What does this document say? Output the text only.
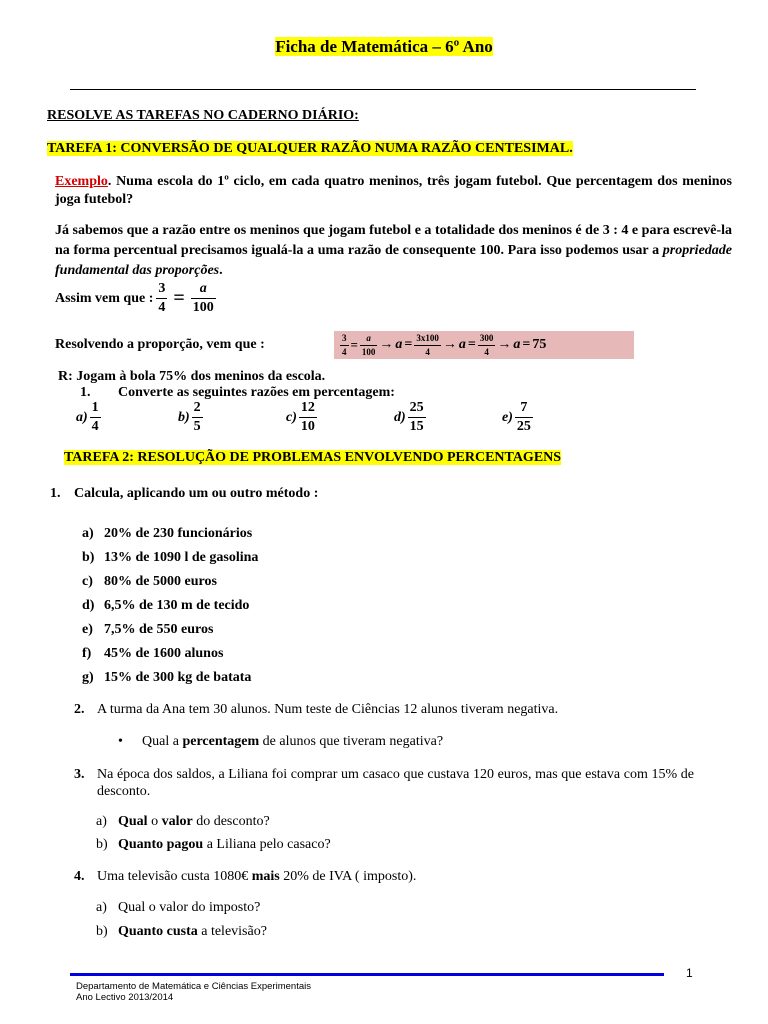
Ficha de Matemática – 6º Ano
RESOLVE AS TAREFAS NO CADERNO DIÁRIO:
TAREFA 1: CONVERSÃO DE QUALQUER RAZÃO NUMA RAZÃO CENTESIMAL.
Exemplo. Numa escola do 1º ciclo, em cada quatro meninos, três jogam futebol. Que percentagem dos meninos joga futebol?
Já sabemos que a razão entre os meninos que jogam futebol e a totalidade dos meninos é de 3 : 4 e para escrevê-la na forma percentual precisamos igualá-la a uma razão de consequente 100. Para isso podemos usar a propriedade fundamental das proporções.
Assim vem que : $\frac{3}{4} = \frac{a}{100}$
Resolvendo a proporção, vem que :	$\frac{3}{4} = \frac{a}{100} \to a = \frac{3x100}{4} \to a = \frac{300}{4} \to a = 75$
R: Jogam à bola 75% dos meninos da escola.
1. Converte as seguintes razões em percentagem:
$a) \frac{1}{4}$	$b) \frac{2}{5}$	$c) \frac{12}{10}$	$d) \frac{25}{15}$	$e) \frac{7}{25}$
TAREFA 2: RESOLUÇÃO DE PROBLEMAS ENVOLVENDO PERCENTAGENS
1. Calcula, aplicando um ou outro método :
a) 20% de 230 funcionários
b) 13% de 1090 l de gasolina
c) 80% de 5000 euros
d) 6,5% de 130 m de tecido
e) 7,5% de 550 euros
f) 45% de 1600 alunos
g) 15% de 300 kg de batata
2. A turma da Ana tem 30 alunos. Num teste de Ciências 12 alunos tiveram negativa.
• Qual a percentagem de alunos que tiveram negativa?
3. Na época dos saldos, a Liliana foi comprar um casaco que custava 120 euros, mas que estava com 15% de desconto.
a) Qual o valor do desconto?
b) Quanto pagou a Liliana pelo casaco?
4. Uma televisão custa 1080€ mais 20% de IVA ( imposto).
a) Qual o valor do imposto?
b) Quanto custa a televisão?
1
Departamento de Matemática e Ciências Experimentais
Ano Lectivo 2013/2014
